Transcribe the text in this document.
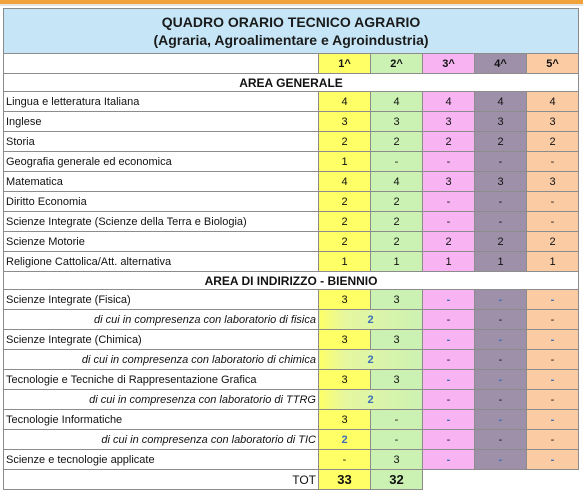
QUADRO ORARIO TECNICO AGRARIO
(Agraria, Agroalimentare e Agroindustria)					

	1^	2^	3^	4^	5^
AREA GENERALE					
Lingua e letteratura Italiana	4	4	4	4	4
Inglese	3	3	3	3	3
Storia	2	2	2	2	2
Geografia generale ed economica	1	-	-	-	-
Matematica	4	4	3	3	3
Diritto Economia	2	2	-	-	-
Scienze Integrate (Scienze della Terra e Biologia)	2	2	-	-	-
Scienze Motorie	2	2	2	2	2
Religione Cattolica/Att. alternativa	1	1	1	1	1
AREA DI INDIRIZZO - BIENNIO					
Scienze Integrate (Fisica)	3	3	-	-	-
di cui in compresenza con laboratorio di fisica	2		-	-	-
Scienze Integrate (Chimica)	3	3	-	-	-
di cui in compresenza con laboratorio di chimica	2		-	-	-
Tecnologie e Tecniche di Rappresentazione Grafica	3	3	-	-	-
di cui in compresenza con laboratorio di TTRG	2		-	-	-
Tecnologie Informatiche	3	-	-	-	-
di cui in compresenza con laboratorio di TIC	2	-	-	-	-
Scienze e tecnologie applicate	-	3	-	-	-
TOT	33	32			
